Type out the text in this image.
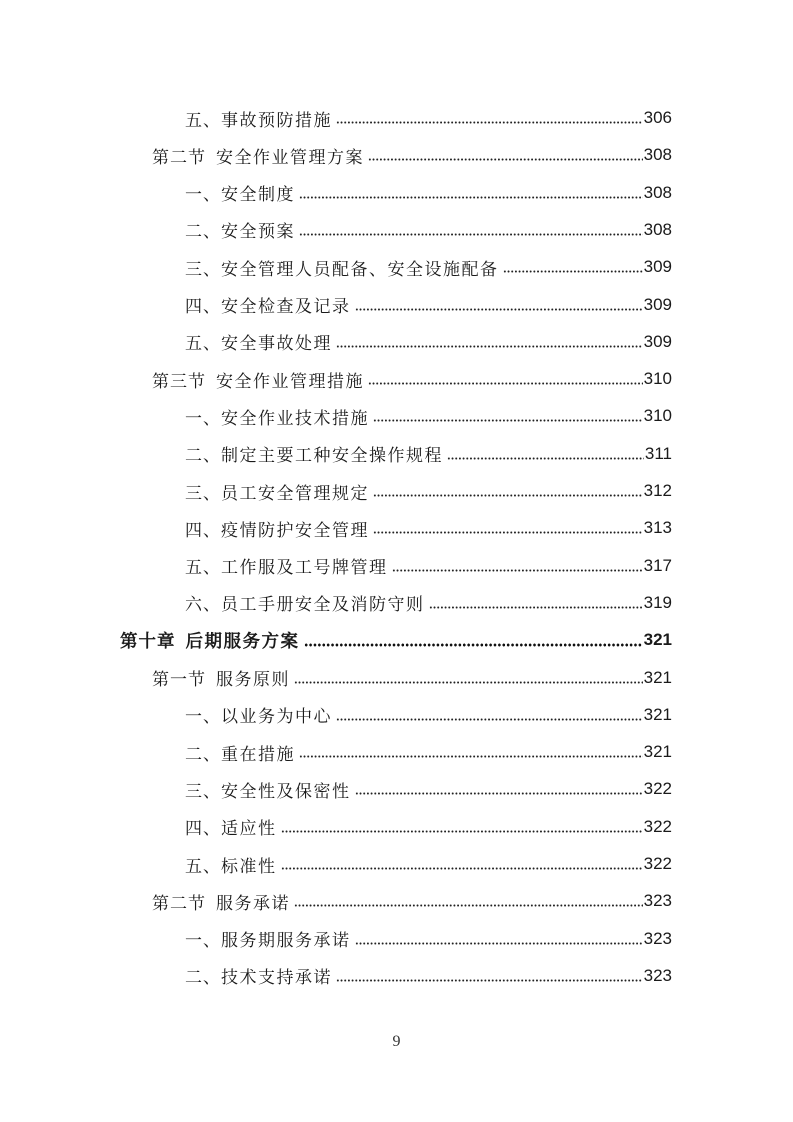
五、 事故预防措施	306
第二节 安全作业管理方案	308
一、 安全制度	308
二、 安全预案	308
三、 安全管理人员配备、安全设施配备	309
四、 安全检查及记录	309
五、 安全事故处理	309
第三节 安全作业管理措施	310
一、 安全作业技术措施	310
二、 制定主要工种安全操作规程	311
三、 员工安全管理规定	312
四、 疫情防护安全管理	313
五、 工作服及工号牌管理	317
六、 员工手册安全及消防守则	319
第十章 后期服务方案	321
第一节 服务原则	321
一、 以业务为中心	321
二、 重在措施	321
三、 安全性及保密性	322
四、 适应性	322
五、 标准性	322
第二节 服务承诺	323
一、 服务期服务承诺	323
二、 技术支持承诺	323
9
